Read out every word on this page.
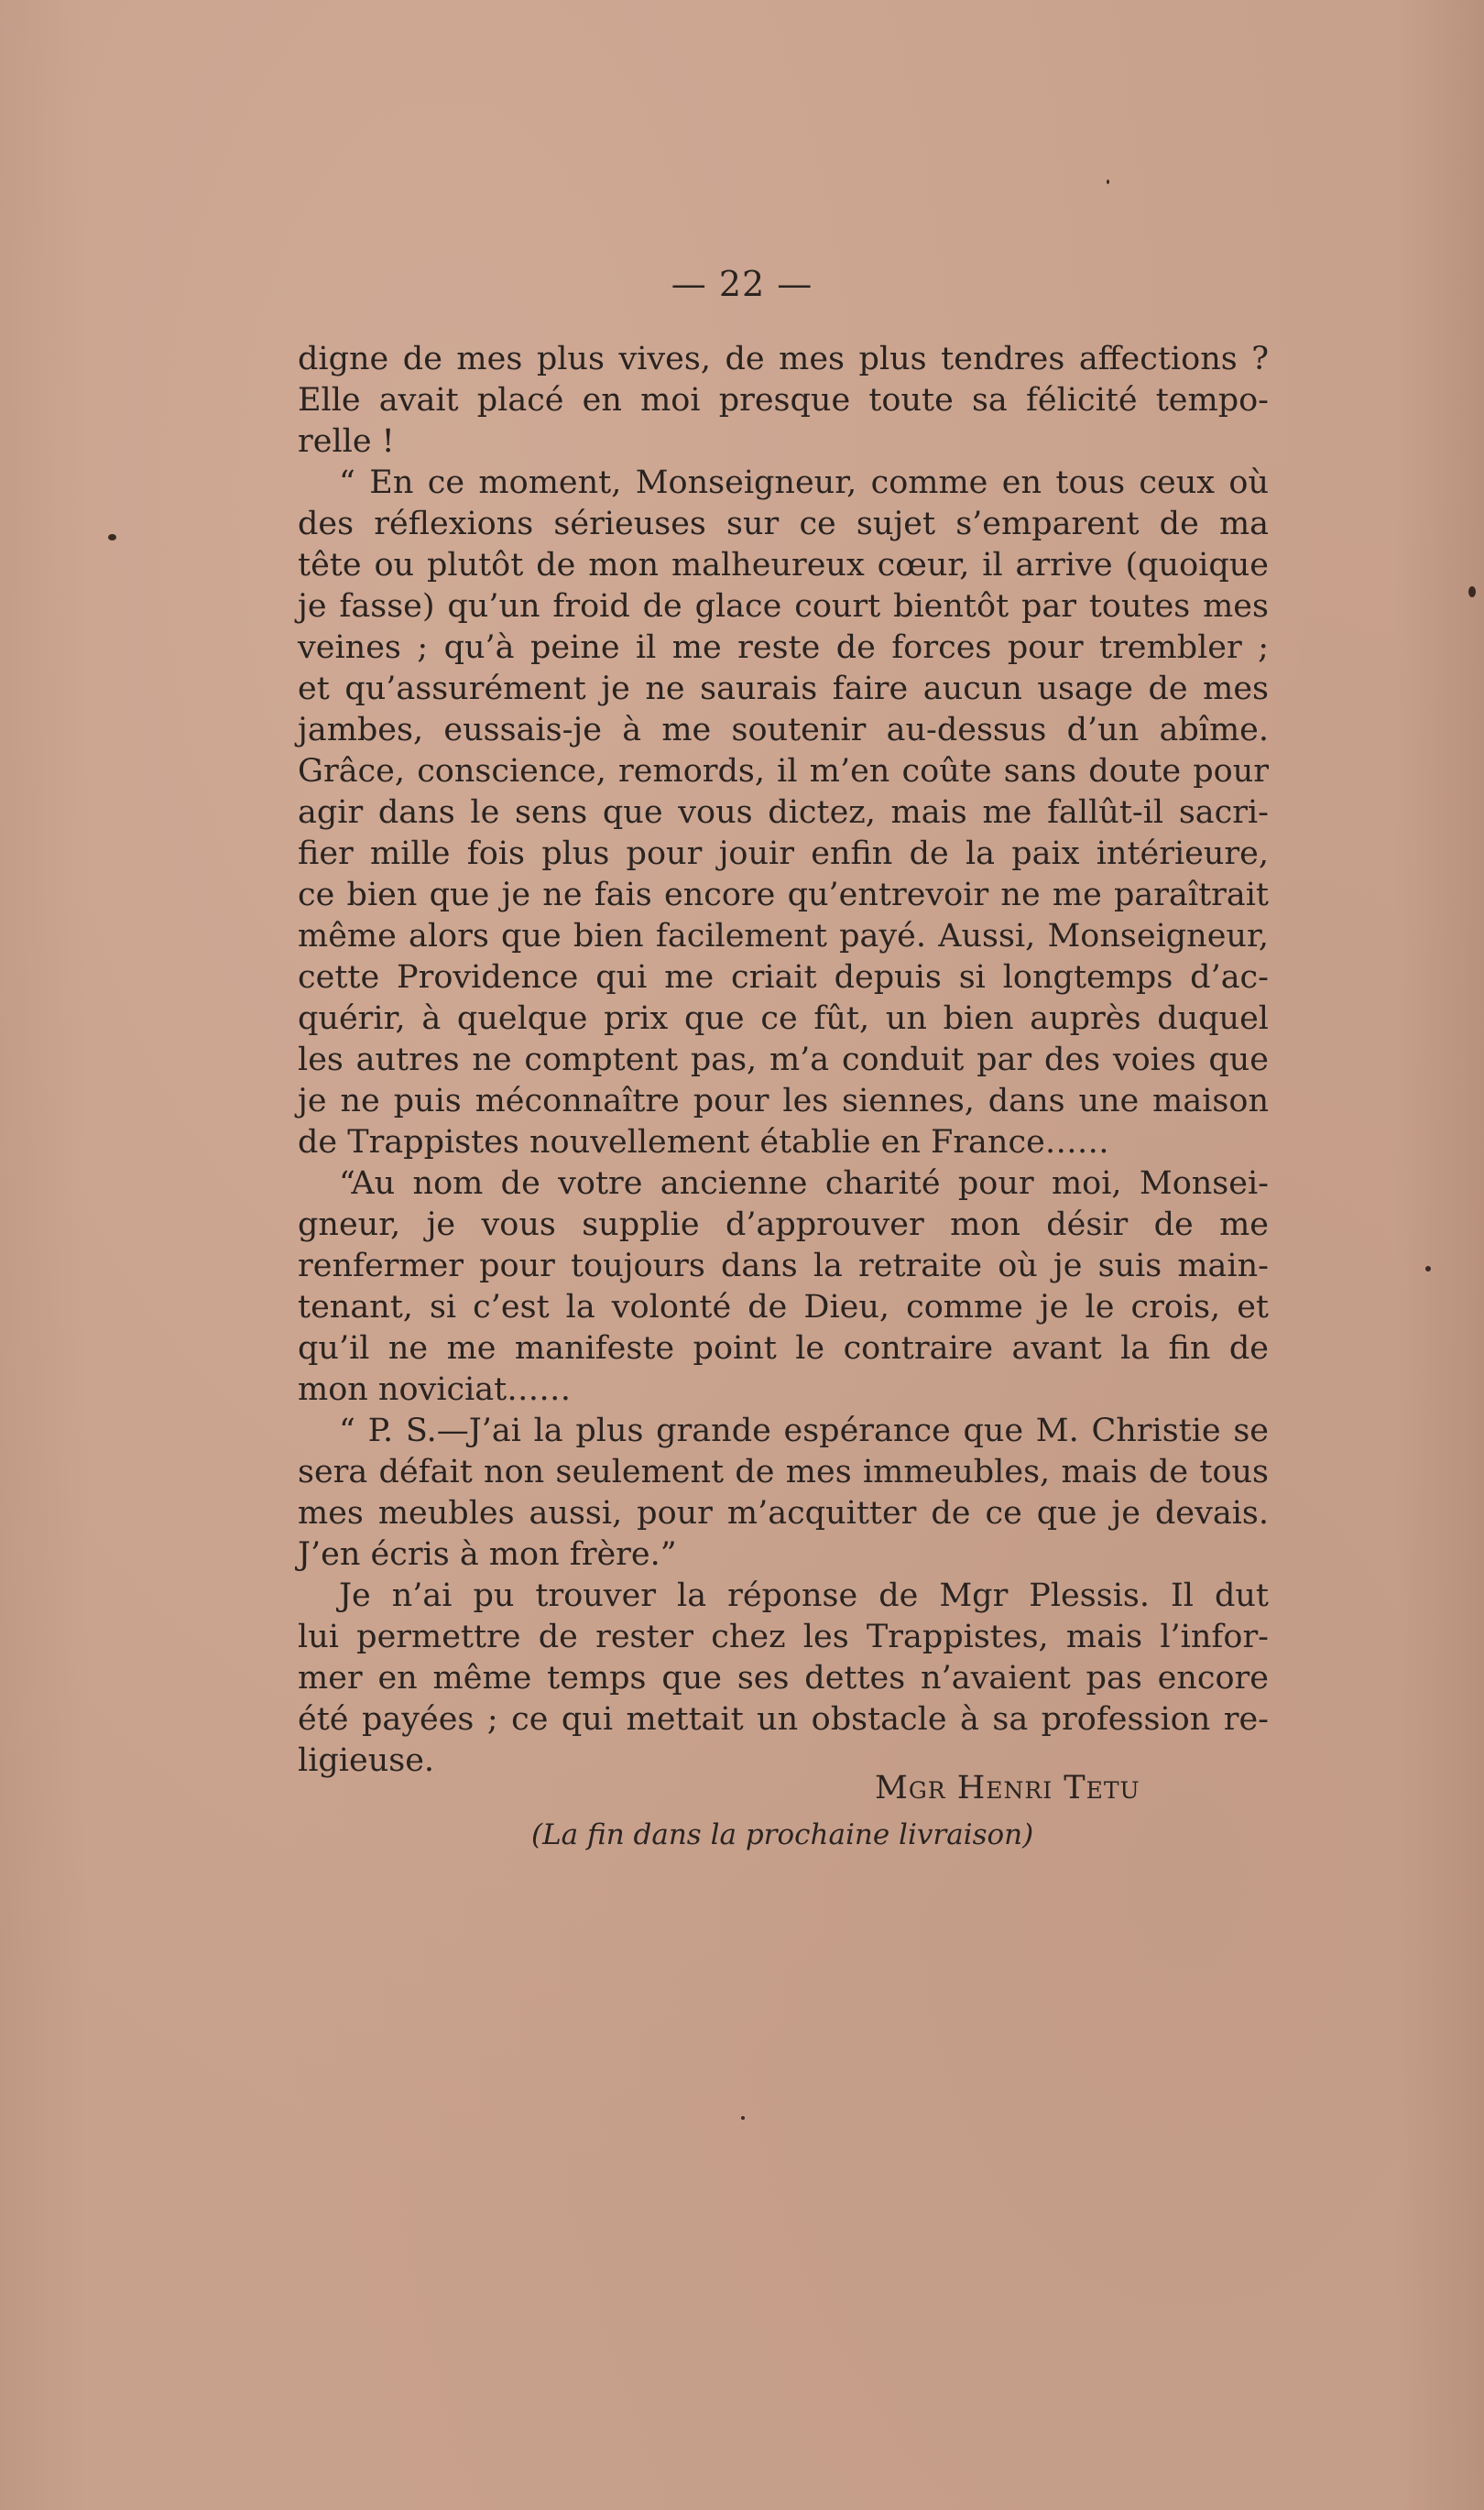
— 22 —
digne de mes plus vives, de mes plus tendres affections ?
Elle avait placé en moi presque toute sa félicité tempo-
relle !
“ En ce moment, Monseigneur, comme en tous ceux où
des réflexions sérieuses sur ce sujet s’emparent de ma
tête ou plutôt de mon malheureux cœur, il arrive (quoique
je fasse) qu’un froid de glace court bientôt par toutes mes
veines ; qu’à peine il me reste de forces pour trembler ;
et qu’assurément je ne saurais faire aucun usage de mes
jambes, eussais-je à me soutenir au-dessus d’un abîme.
Grâce, conscience, remords, il m’en coûte sans doute pour
agir dans le sens que vous dictez, mais me fallût-il sacri-
fier mille fois plus pour jouir enfin de la paix intérieure,
ce bien que je ne fais encore qu’entrevoir ne me paraîtrait
même alors que bien facilement payé. Aussi, Monseigneur,
cette Providence qui me criait depuis si longtemps d’ac-
quérir, à quelque prix que ce fût, un bien auprès duquel
les autres ne comptent pas, m’a conduit par des voies que
je ne puis méconnaître pour les siennes, dans une maison
de Trappistes nouvellement établie en France……
“Au nom de votre ancienne charité pour moi, Monsei-
gneur, je vous supplie d’approuver mon désir de me
renfermer pour toujours dans la retraite où je suis main-
tenant, si c’est la volonté de Dieu, comme je le crois, et
qu’il ne me manifeste point le contraire avant la fin de
mon noviciat……
“ P. S.—J’ai la plus grande espérance que M. Christie se
sera défait non seulement de mes immeubles, mais de tous
mes meubles aussi, pour m’acquitter de ce que je devais.
J’en écris à mon frère.”
Je n’ai pu trouver la réponse de Mgr Plessis. Il dut
lui permettre de rester chez les Trappistes, mais l’infor-
mer en même temps que ses dettes n’avaient pas encore
été payées ; ce qui mettait un obstacle à sa profession re-
ligieuse.
Mgr Henri Tetu
(La fin dans la prochaine livraison)
